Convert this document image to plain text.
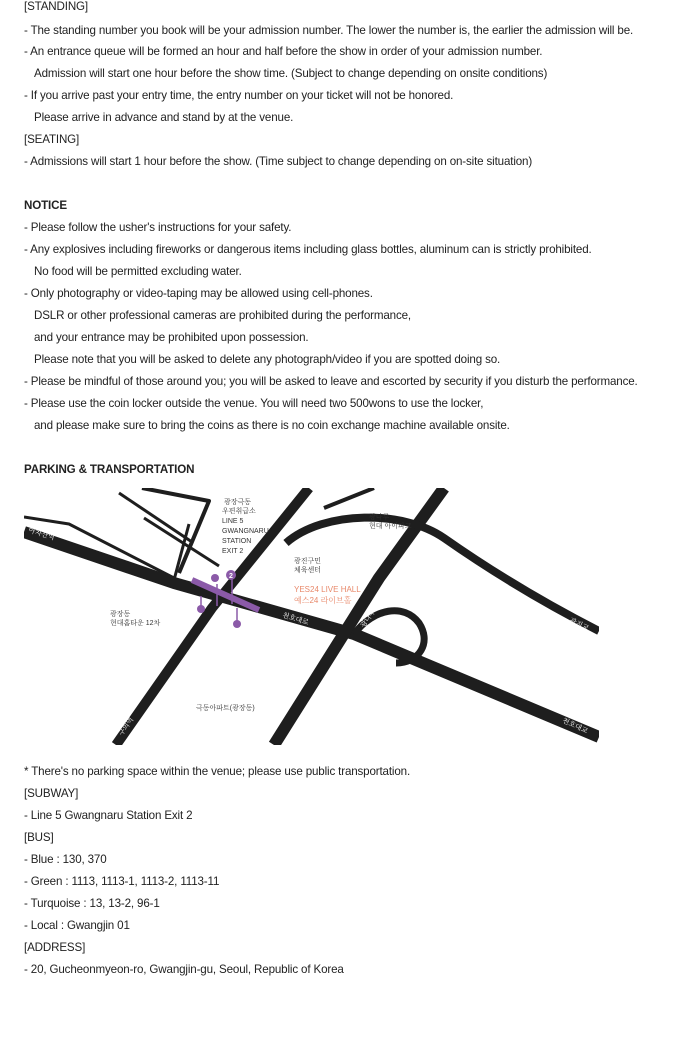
[STANDING]
- The standing number you book will be your admission number. The lower the number is, the earlier the admission will be.
- An entrance queue will be formed an hour and half before the show in order of your admission number.
Admission will start one hour before the show time. (Subject to change depending on onsite conditions)
- If you arrive past your entry time, the entry number on your ticket will not be honored.
Please arrive in advance and stand by at the venue.
[SEATING]
- Admissions will start 1 hour before the show. (Time subject to change depending on on-site situation)
NOTICE
- Please follow the usher's instructions for your safety.
- Any explosives including fireworks or dangerous items including glass bottles, aluminum can is strictly prohibited.
No food will be permitted excluding water.
- Only photography or video-taping may be allowed using cell-phones.
DSLR or other professional cameras are prohibited during the performance,
and your entrance may be prohibited upon possession.
Please note that you will be asked to delete any photograph/video if you are spotted doing so.
- Please be mindful of those around you; you will be asked to leave and escorted by security if you disturb the performance.
- Please use the coin locker outside the venue. You will need two 500wons to use the locker,
and please make sure to bring the coins as there is no coin exchange machine available onsite.
PARKING & TRANSPORTATION
2
아차산역
광장극동
우편취급소
LINE 5
GWANGNARU
STATION
EXIT 2
광나루
현대 아이파크
광진구민
체육센터
YES24 LIVE HALL
예스24 라이브홀
광장동
현대홈타운 12차	천호대로	광나루로	광진교
구의역
극동아파트(광장동)
천호대교
* There's no parking space within the venue; please use public transportation.
[SUBWAY]
- Line 5 Gwangnaru Station Exit 2
[BUS]
- Blue : 130, 370
- Green : 1113, 1113-1, 1113-2, 1113-11
- Turquoise : 13, 13-2, 96-1
- Local : Gwangjin 01
[ADDRESS]
- 20, Gucheonmyeon-ro, Gwangjin-gu, Seoul, Republic of Korea
